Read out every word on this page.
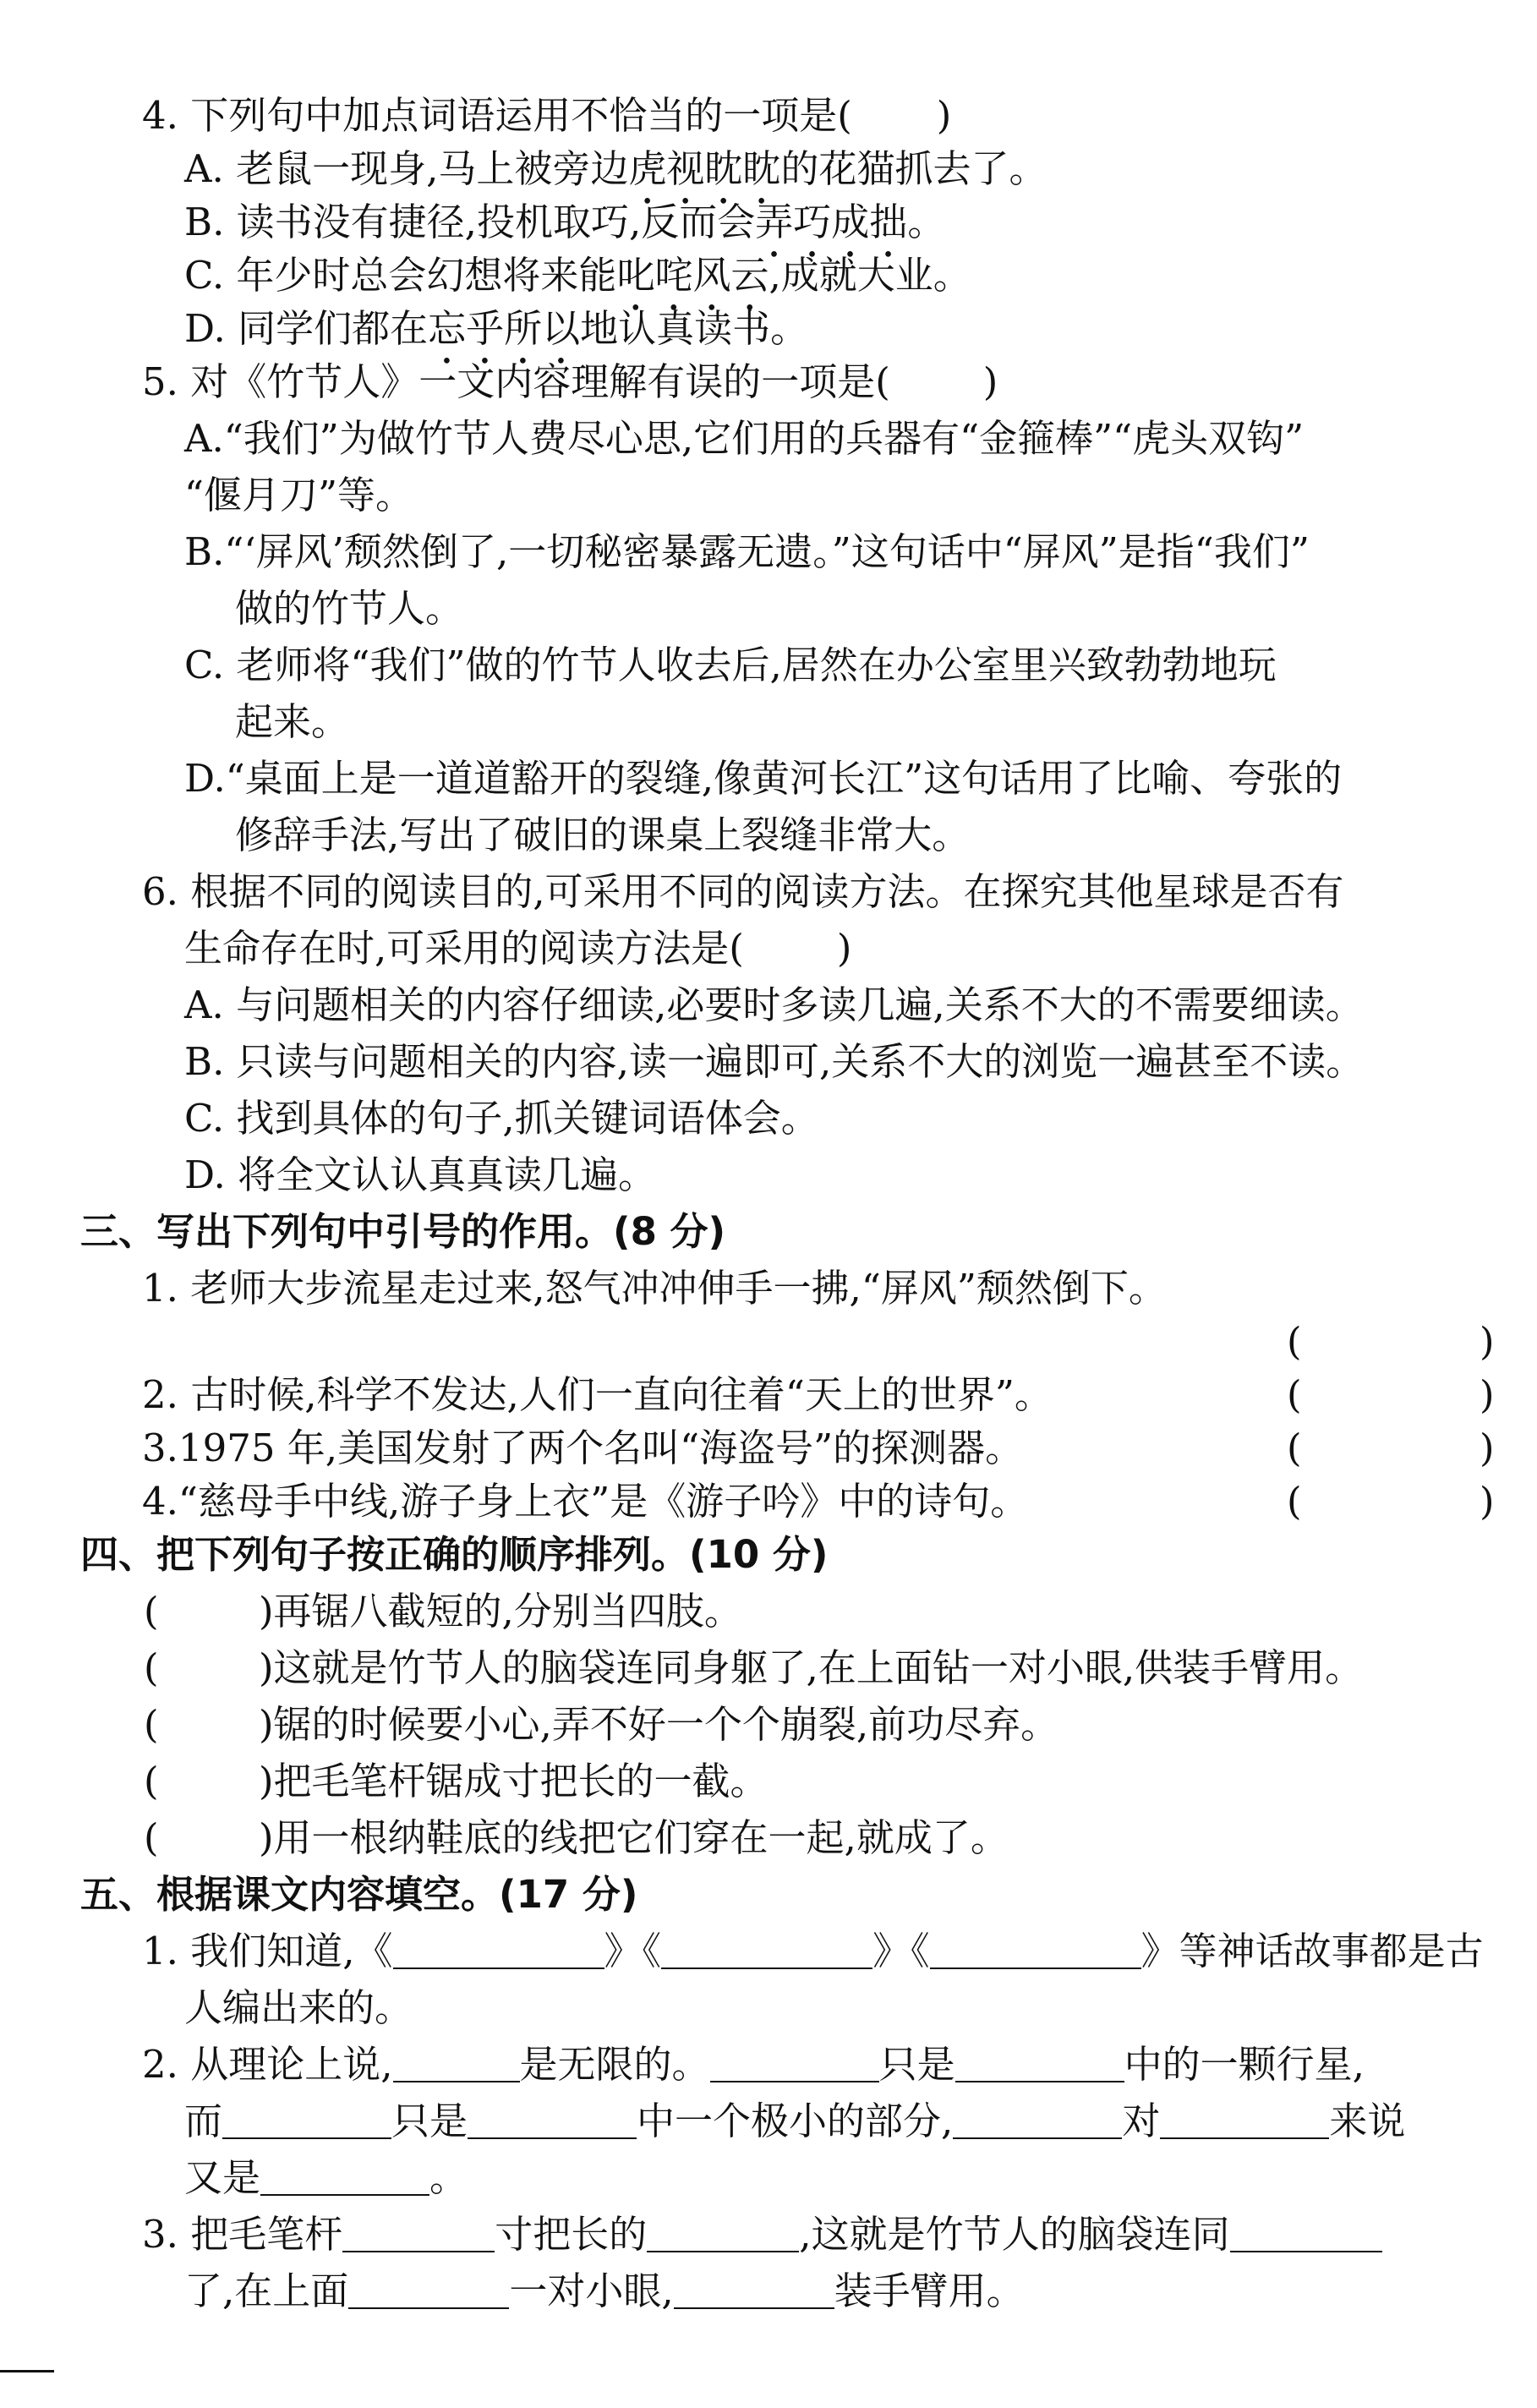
4. 下列句中加点词语运用不恰当的一项是( )
A. 老鼠一现身,马上被旁边虎视眈眈的花猫抓去了。
B. 读书没有捷径,投机取巧,反而会弄巧成拙。
C. 年少时总会幻想将来能叱咤风云,成就大业。
D. 同学们都在忘乎所以地认真读书。
5. 对《竹节人》一文内容理解有误的一项是( )
A.“我们”为做竹节人费尽心思,它们用的兵器有“金箍棒”“虎头双钩”
“偃月刀”等。
B.“‘屏风’颓然倒了,一切秘密暴露无遗。”这句话中“屏风”是指“我们”
做的竹节人。
C. 老师将“我们”做的竹节人收去后,居然在办公室里兴致勃勃地玩
起来。
D.“桌面上是一道道豁开的裂缝,像黄河长江”这句话用了比喻、夸张的
修辞手法,写出了破旧的课桌上裂缝非常大。
6. 根据不同的阅读目的,可采用不同的阅读方法。在探究其他星球是否有
生命存在时,可采用的阅读方法是( )
A. 与问题相关的内容仔细读,必要时多读几遍,关系不大的不需要细读。
B. 只读与问题相关的内容,读一遍即可,关系不大的浏览一遍甚至不读。
C. 找到具体的句子,抓关键词语体会。
D. 将全文认认真真读几遍。
三、写出下列句中引号的作用。(8 分)
1. 老师大步流星走过来,怒气冲冲伸手一拂,“屏风”颓然倒下。
(	)
2. 古时候,科学不发达,人们一直向往着“天上的世界”。	(	)
3.1975 年,美国发射了两个名叫“海盗号”的探测器。	(	)
4.“慈母手中线,游子身上衣”是《游子吟》中的诗句。	(	)
四、把下列句子按正确的顺序排列。(10 分)
(	)再锯八截短的,分别当四肢。
(	)这就是竹节人的脑袋连同身躯了,在上面钻一对小眼,供装手臂用。
(	)锯的时候要小心,弄不好一个个崩裂,前功尽弃。
(	)把毛笔杆锯成寸把长的一截。
(	)用一根纳鞋底的线把它们穿在一起,就成了。
五、根据课文内容填空。(17 分)
1. 我们知道,《	》《	》《	》等神话故事都是古
人编出来的。
2. 从理论上说,	是无限的。	只是	中的一颗行星,
而	只是	中一个极小的部分,	对	来说
又是	。
3. 把毛笔杆	寸把长的	,这就是竹节人的脑袋连同
了,在上面	一对小眼,	装手臂用。
